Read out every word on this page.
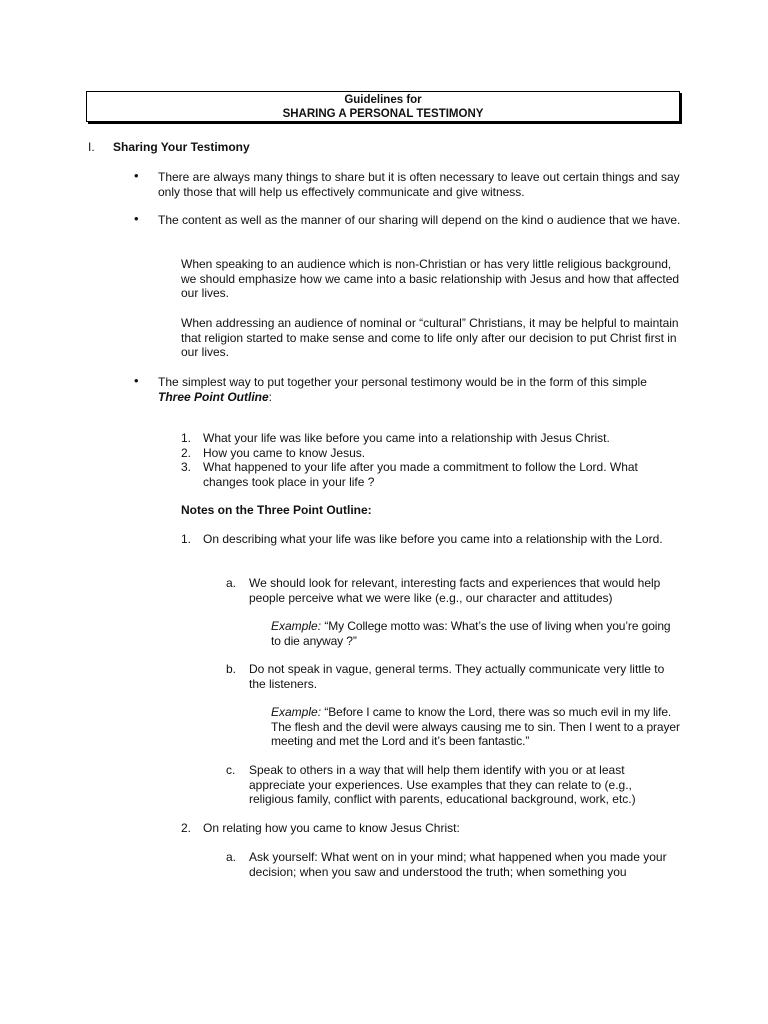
Guidelines for
SHARING A PERSONAL TESTIMONY
I. Sharing Your Testimony
•	There are always many things to share but it is often necessary to leave out certain things and say only those that will help us effectively communicate and give witness.
•	The content as well as the manner of our sharing will depend on the kind o audience that we have.
When speaking to an audience which is non-Christian or has very little religious background, we should emphasize how we came into a basic relationship with Jesus and how that affected our lives.
When addressing an audience of nominal or “cultural” Christians, it may be helpful to maintain that religion started to make sense and come to life only after our decision to put Christ first in our lives.
•	The simplest way to put together your personal testimony would be in the form of this simple
Three Point Outline:
1. What your life was like before you came into a relationship with Jesus Christ.
2. How you came to know Jesus.
3. What happened to your life after you made a commitment to follow the Lord. What changes took place in your life ?
Notes on the Three Point Outline:
1. On describing what your life was like before you came into a relationship with the Lord.
a.	We should look for relevant, interesting facts and experiences that would help people perceive what we were like (e.g., our character and attitudes)
Example: “My College motto was: What’s the use of living when you’re going to die anyway ?”
b.	Do not speak in vague, general terms. They actually communicate very little to the listeners.
Example: “Before I came to know the Lord, there was so much evil in my life. The flesh and the devil were always causing me to sin. Then I went to a prayer meeting and met the Lord and it’s been fantastic.”
c.	Speak to others in a way that will help them identify with you or at least appreciate your experiences. Use examples that they can relate to (e.g., religious family, conflict with parents, educational background, work, etc.)
2. On relating how you came to know Jesus Christ:
a.	Ask yourself: What went on in your mind; what happened when you made your decision; when you saw and understood the truth; when something you
